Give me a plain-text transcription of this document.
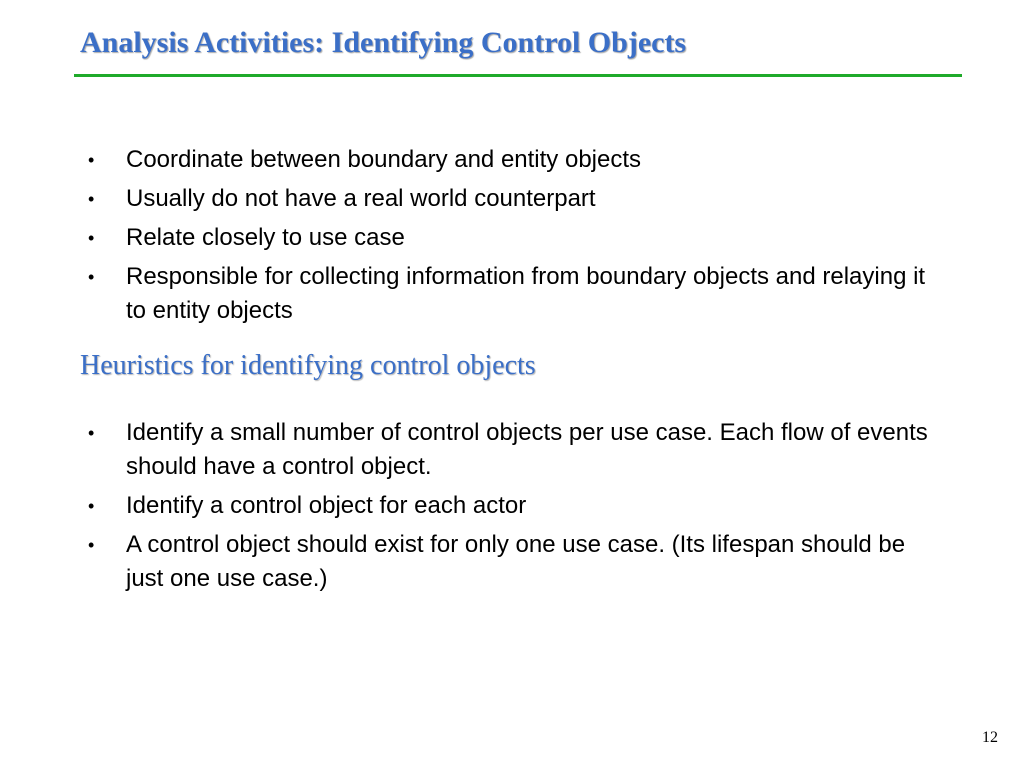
Analysis Activities: Identifying Control Objects
• Coordinate between boundary and entity objects
• Usually do not have a real world counterpart
• Relate closely to use case
• Responsible for collecting information from boundary objects and relaying it to entity objects
Heuristics for identifying control objects
• Identify a small number of control objects per use case. Each flow of events should have a control object.
• Identify a control object for each actor
• A control object should exist for only one use case. (Its lifespan should be just one use case.)
12
